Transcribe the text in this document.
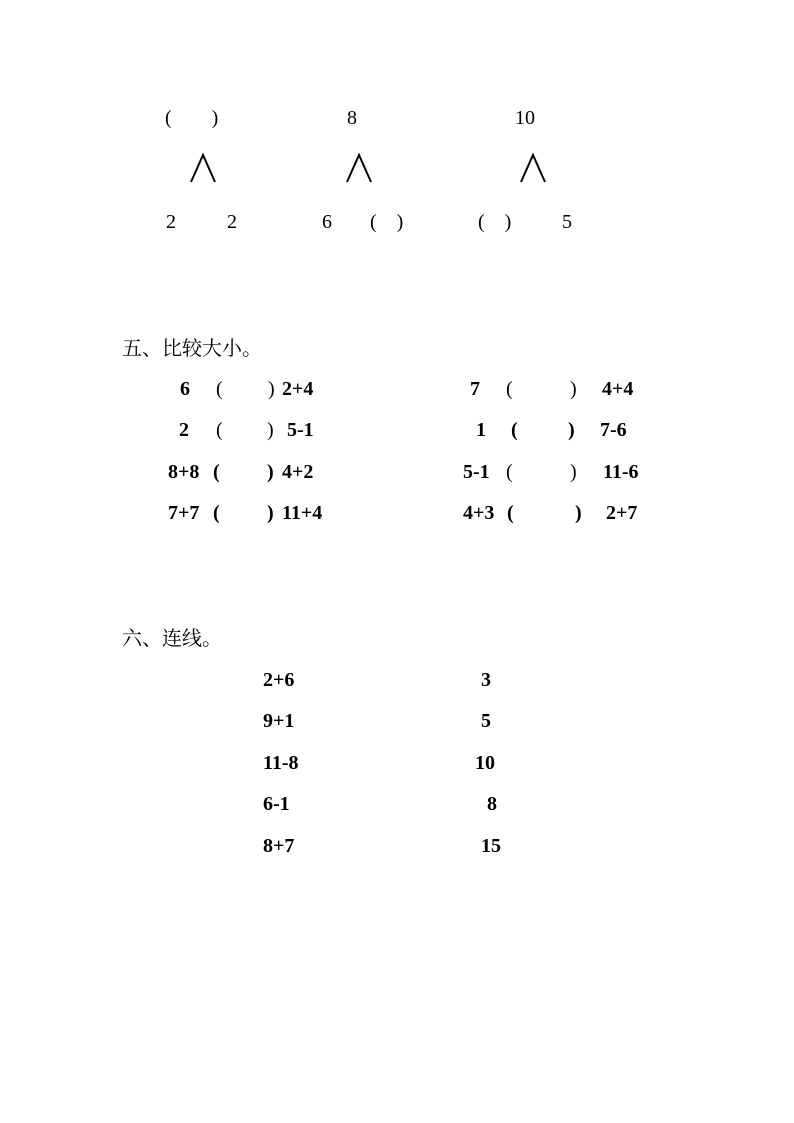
(        )
2	2
8
6 (    )
10
(    )	5
五、比较大小。
6 ( ) 2+4
2 ( ) 5-1
8+8 ( ) 4+2
7+7 ( ) 11+4
7 (	) 4+4
1 (	) 7-6
5-1 (	) 11-6
4+3 (	) 2+7
六、连线。
2+6
9+1
11-8
6-1
8+7
3
5
10
8
15
